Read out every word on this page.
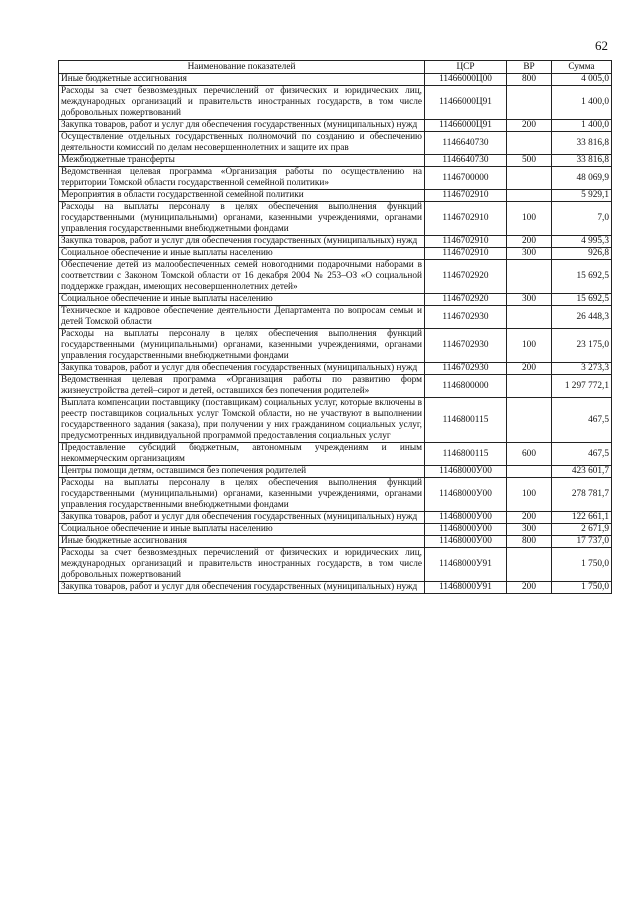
62
Наименование показателей	ЦСР	ВР	Сумма
Иные бюджетные ассигнования	11466000Ц00	800	4 005,0
Расходы за счет безвозмездных перечислений от физических и юридических лиц, международных организаций и правительств иностранных государств, в том числе добровольных пожертвований	11466000Ц91		1 400,0
Закупка товаров, работ и услуг для обеспечения государственных (муниципальных) нужд	11466000Ц91	200	1 400,0
Осуществление отдельных государственных полномочий по созданию и обеспечению деятельности комиссий по делам несовершеннолетних и защите их прав	1146640730		33 816,8
Межбюджетные трансферты	1146640730	500	33 816,8
Ведомственная целевая программа «Организация работы по осуществлению на территории Томской области государственной семейной политики»	1146700000		48 069,9
Мероприятия в области государственной семейной политики	1146702910		5 929,1
Расходы на выплаты персоналу в целях обеспечения выполнения функций государственными (муниципальными) органами, казенными учреждениями, органами управления государственными внебюджетными фондами	1146702910	100	7,0
Закупка товаров, работ и услуг для обеспечения государственных (муниципальных) нужд	1146702910	200	4 995,3
Социальное обеспечение и иные выплаты населению	1146702910	300	926,8
Обеспечение детей из малообеспеченных семей новогодними подарочными наборами в соответствии с Законом Томской области от 16 декабря 2004 № 253–ОЗ «О социальной поддержке граждан, имеющих несовершеннолетних детей»	1146702920		15 692,5
Социальное обеспечение и иные выплаты населению	1146702920	300	15 692,5
Техническое и кадровое обеспечение деятельности Департамента по вопросам семьи и детей Томской области	1146702930		26 448,3
Расходы на выплаты персоналу в целях обеспечения выполнения функций государственными (муниципальными) органами, казенными учреждениями, органами управления государственными внебюджетными фондами	1146702930	100	23 175,0
Закупка товаров, работ и услуг для обеспечения государственных (муниципальных) нужд	1146702930	200	3 273,3
Ведомственная целевая программа «Организация работы по развитию форм жизнеустройства детей–сирот и детей, оставшихся без попечения родителей»	1146800000		1 297 772,1
Выплата компенсации поставщику (поставщикам) социальных услуг, которые включены в реестр поставщиков социальных услуг Томской области, но не участвуют в выполнении государственного задания (заказа), при получении у них гражданином социальных услуг, предусмотренных индивидуальной программой предоставления социальных услуг	1146800115		467,5
Предоставление субсидий бюджетным, автономным учреждениям и иным некоммерческим организациям	1146800115	600	467,5
Центры помощи детям, оставшимся без попечения родителей	11468000У00		423 601,7
Расходы на выплаты персоналу в целях обеспечения выполнения функций государственными (муниципальными) органами, казенными учреждениями, органами управления государственными внебюджетными фондами	11468000У00	100	278 781,7
Закупка товаров, работ и услуг для обеспечения государственных (муниципальных) нужд	11468000У00	200	122 661,1
Социальное обеспечение и иные выплаты населению	11468000У00	300	2 671,9
Иные бюджетные ассигнования	11468000У00	800	17 737,0
Расходы за счет безвозмездных перечислений от физических и юридических лиц, международных организаций и правительств иностранных государств, в том числе добровольных пожертвований	11468000У91		1 750,0
Закупка товаров, работ и услуг для обеспечения государственных (муниципальных) нужд	11468000У91	200	1 750,0
